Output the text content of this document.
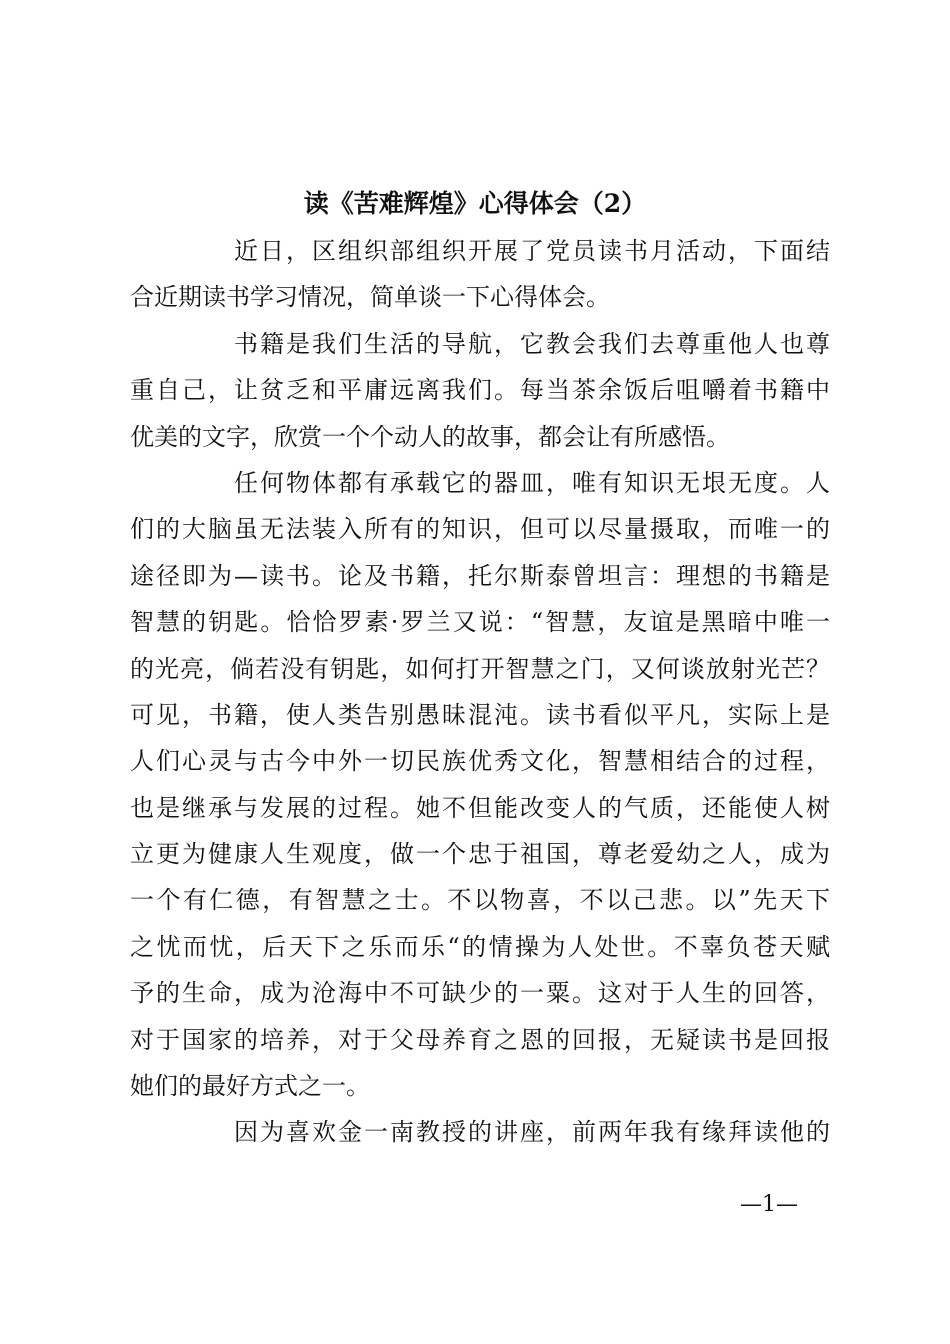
读《苦难辉煌》心得体会（2）
近日，区组织部组织开展了党员读书月活动，下面结
合近期读书学习情况，简单谈一下心得体会。
书籍是我们生活的导航，它教会我们去尊重他人也尊
重自己，让贫乏和平庸远离我们。每当茶余饭后咀嚼着书籍中
优美的文字，欣赏一个个动人的故事，都会让有所感悟。
任何物体都有承载它的器皿，唯有知识无垠无度。人
们的大脑虽无法装入所有的知识，但可以尽量摄取，而唯一的
途径即为—读书。论及书籍，托尔斯泰曾坦言：理想的书籍是
智慧的钥匙。恰恰罗素·罗兰又说：“智慧，友谊是黑暗中唯一
的光亮，倘若没有钥匙，如何打开智慧之门，又何谈放射光芒？
可见，书籍，使人类告别愚昧混沌。读书看似平凡，实际上是
人们心灵与古今中外一切民族优秀文化，智慧相结合的过程，
也是继承与发展的过程。她不但能改变人的气质，还能使人树
立更为健康人生观度，做一个忠于祖国，尊老爱幼之人，成为
一个有仁德，有智慧之士。不以物喜，不以己悲。以”先天下
之忧而忧，后天下之乐而乐“的情操为人处世。不辜负苍天赋
予的生命，成为沧海中不可缺少的一粟。这对于人生的回答，
对于国家的培养，对于父母养育之恩的回报，无疑读书是回报
她们的最好方式之一。
因为喜欢金一南教授的讲座，前两年我有缘拜读他的
—1—
